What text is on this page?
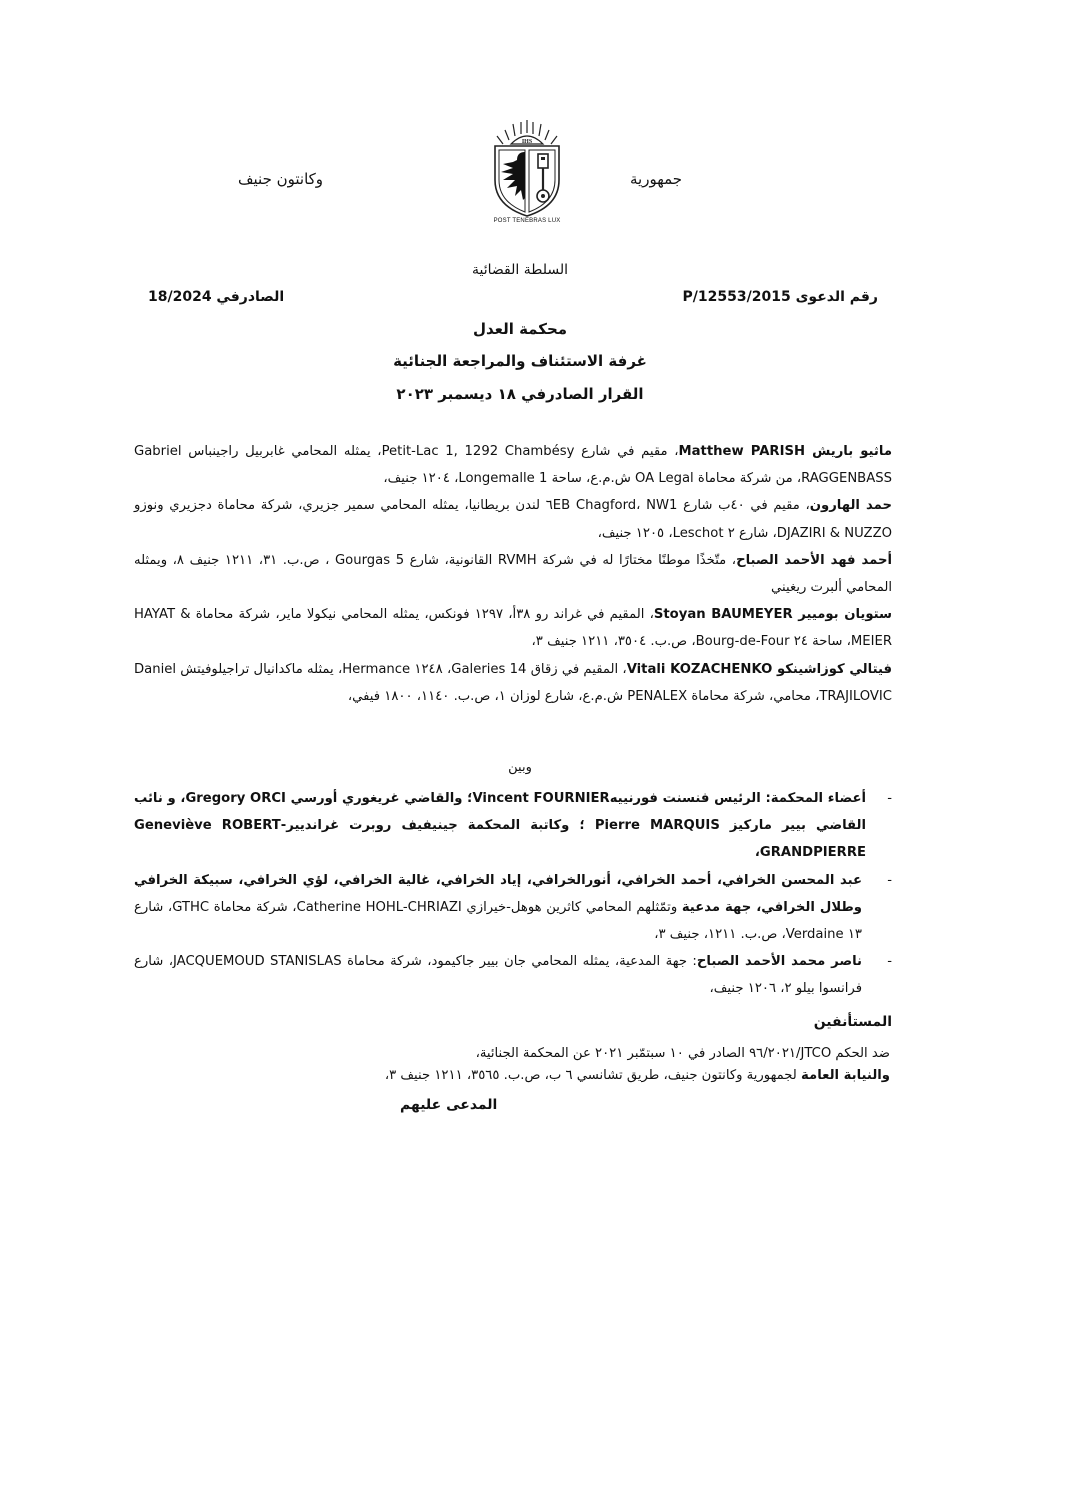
وكانتون جنيف
IHS
POST TENEBRAS LUX
جمهورية
السلطة القضائية
رقم الدعوى P/12553/2015
الصادرفي 18/2024
محكمة العدل
غرفة الاستئناف والمراجعة الجنائية
القرار الصادرفي ١٨ ديسمبر ٢٠٢٣

ماثيو باريش Matthew PARISH، مقيم في شارع Petit-Lac 1, 1292 Chambésy، يمثله المحامي غابربيل راجينباس Gabriel RAGGENBASS، من شركة محاماة OA Legal ش.م.ع، ساحة 1 Longemalle، ١٢٠٤ جنيف،

حمد الهارون، مقيم في ٤٠ب شارع Chagford، NW1 ٦EB لندن بريطانيا، يمثله المحامي سمير جزيري، شركة محاماة دجزيري ونوزو DJAZIRI & NUZZO، شارع ٢ Leschot، ١٢٠٥ جنيف،

أحمد فهد الأحمد الصباح، متّخذًا موطنًا مختارًا له في شركة RVMH القانونية، شارع 5 Gourgas ، ص.ب. ٣١، ١٢١١ جنيف ٨، ويمثله المحامي ألبرت ريغيني

ستويان بوميير Stoyan BAUMEYER، المقيم في غراند رو ٣٨أ، ١٢٩٧ فونكس، يمثله المحامي نيكولا ماير، شركة محاماة HAYAT & MEIER، ساحة ٢٤ Bourg-de-Four، ص.ب. ٣٥٠٤، ١٢١١ جنيف ٣،

فيتالي كوزاشينكو Vitali KOZACHENKO، المقيم في زقاق Galeries 14، ١٢٤٨ Hermance، يمثله ماكدانيال تراجيلوفيتش Daniel TRAJILOVIC، محامي، شركة محاماة PENALEX ش.م.ع، شارع لوزان ١، ص.ب. ١١٤٠، ١٨٠٠ فيفي،

وبين
- أعضاء المحكمة: الرئيس فنسنت فورنييهVincent FOURNIER؛ والقاضي غريغوري أورسي Gregory ORCI، و نائب القاضي بيير ماركيز Pierre MARQUIS ؛ وكاتبة المحكمة جينيفيف روبرت غرانديير-Geneviève ROBERT GRANDPIERRE،
- عبد المحسن الخرافي، أحمد الخرافي، أنورالخرافي، إياد الخرافي، غالية الخرافي، لؤي الخرافي، سبيكة الخرافي وطلال الخرافي، جهة مدعية وتمّثلهم المحامي كاثرين هوهل-خيرازي Catherine HOHL-CHRIAZI، شركة محاماة GTHC، شارع ١٣ Verdaine، ص.ب. ١٢١١، جنيف ٣،
- ناصر محمد الأحمد الصباح: جهة المدعية، يمثله المحامي جان بيير جاكيمود، شركة محاماة JACQUEMOUD STANISLAS، شارع فرانسوا بيلو ٢، ١٢٠٦ جنيف،
المستأنفين
ضد الحكم JTCO/٩٦/٢٠٢١ الصادر في ١٠ سبتمّبر ٢٠٢١ عن المحكمة الجنائية،
والنيابة العامة لجمهورية وكانتون جنيف، طريق تشانسي ٦ ب، ص.ب. ٣٥٦٥، ١٢١١ جنيف ٣،
المدعى عليهم
